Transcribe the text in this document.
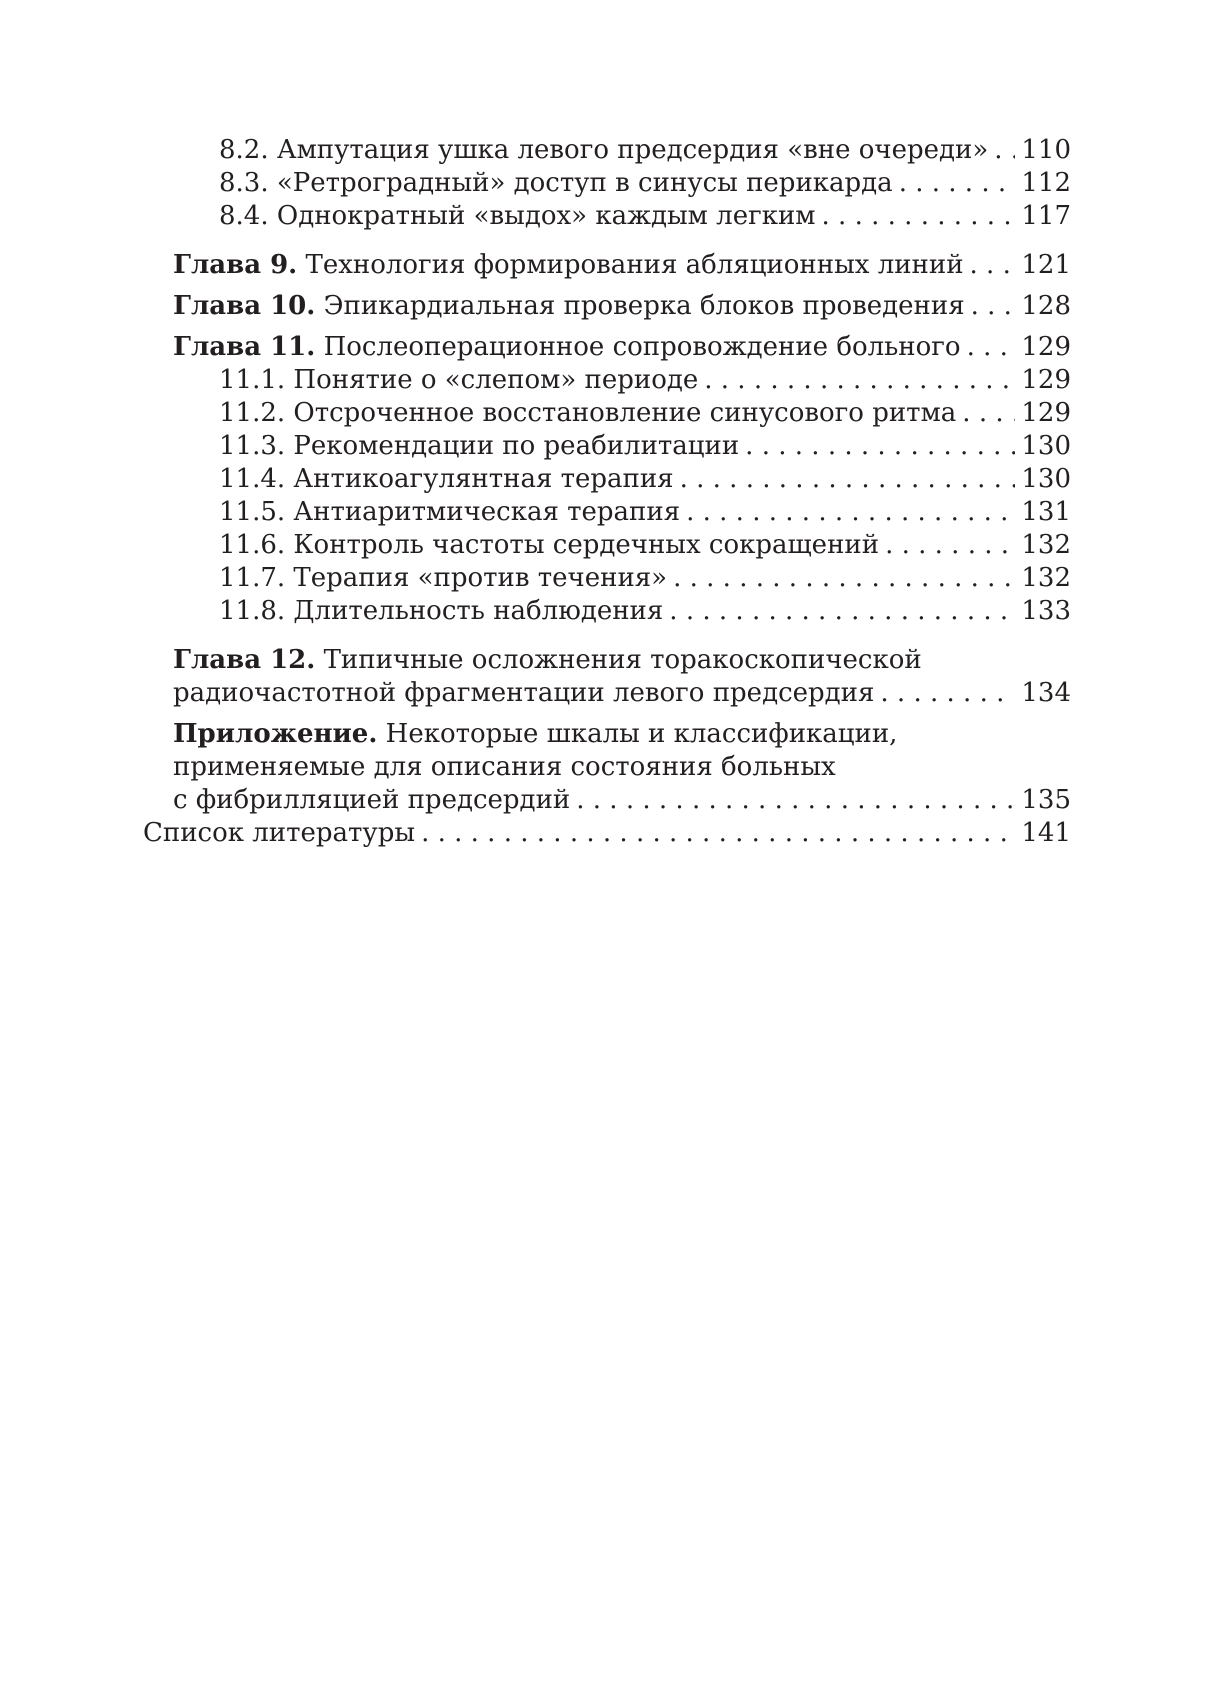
8.2. Ампутация ушка левого предсердия «вне очереди» . . . 110
8.3. «Ретроградный» доступ в синусы перикарда . . .	112
8.4. Однократный «выдох» каждым легким . . .	117
Глава 9. Технология формирования абляционных линий . . . 121
Глава 10. Эпикардиальная проверка блоков проведения . . . 128
Глава 11. Послеоперационное сопровождение больного . . . 129
11.1. Понятие о «слепом» периоде . . .	129
11.2. Отсроченное восстановление синусового ритма . . .	129
11.3. Рекомендации по реабилитации . . .	130
11.4. Антикоагулянтная терапия . . .	130
11.5. Антиаритмическая терапия . . .	131
11.6. Контроль частоты сердечных сокращений . . .	132
11.7. Терапия «против течения» . . .	132
11.8. Длительность наблюдения . . .	133
Глава 12. Типичные осложнения торакоскопической
радиочастотной фрагментации левого предсердия . . .	134
Приложение. Некоторые шкалы и классификации,
применяемые для описания состояния больных
с фибрилляцией предсердий . . .	135
Список литературы . . .	141
